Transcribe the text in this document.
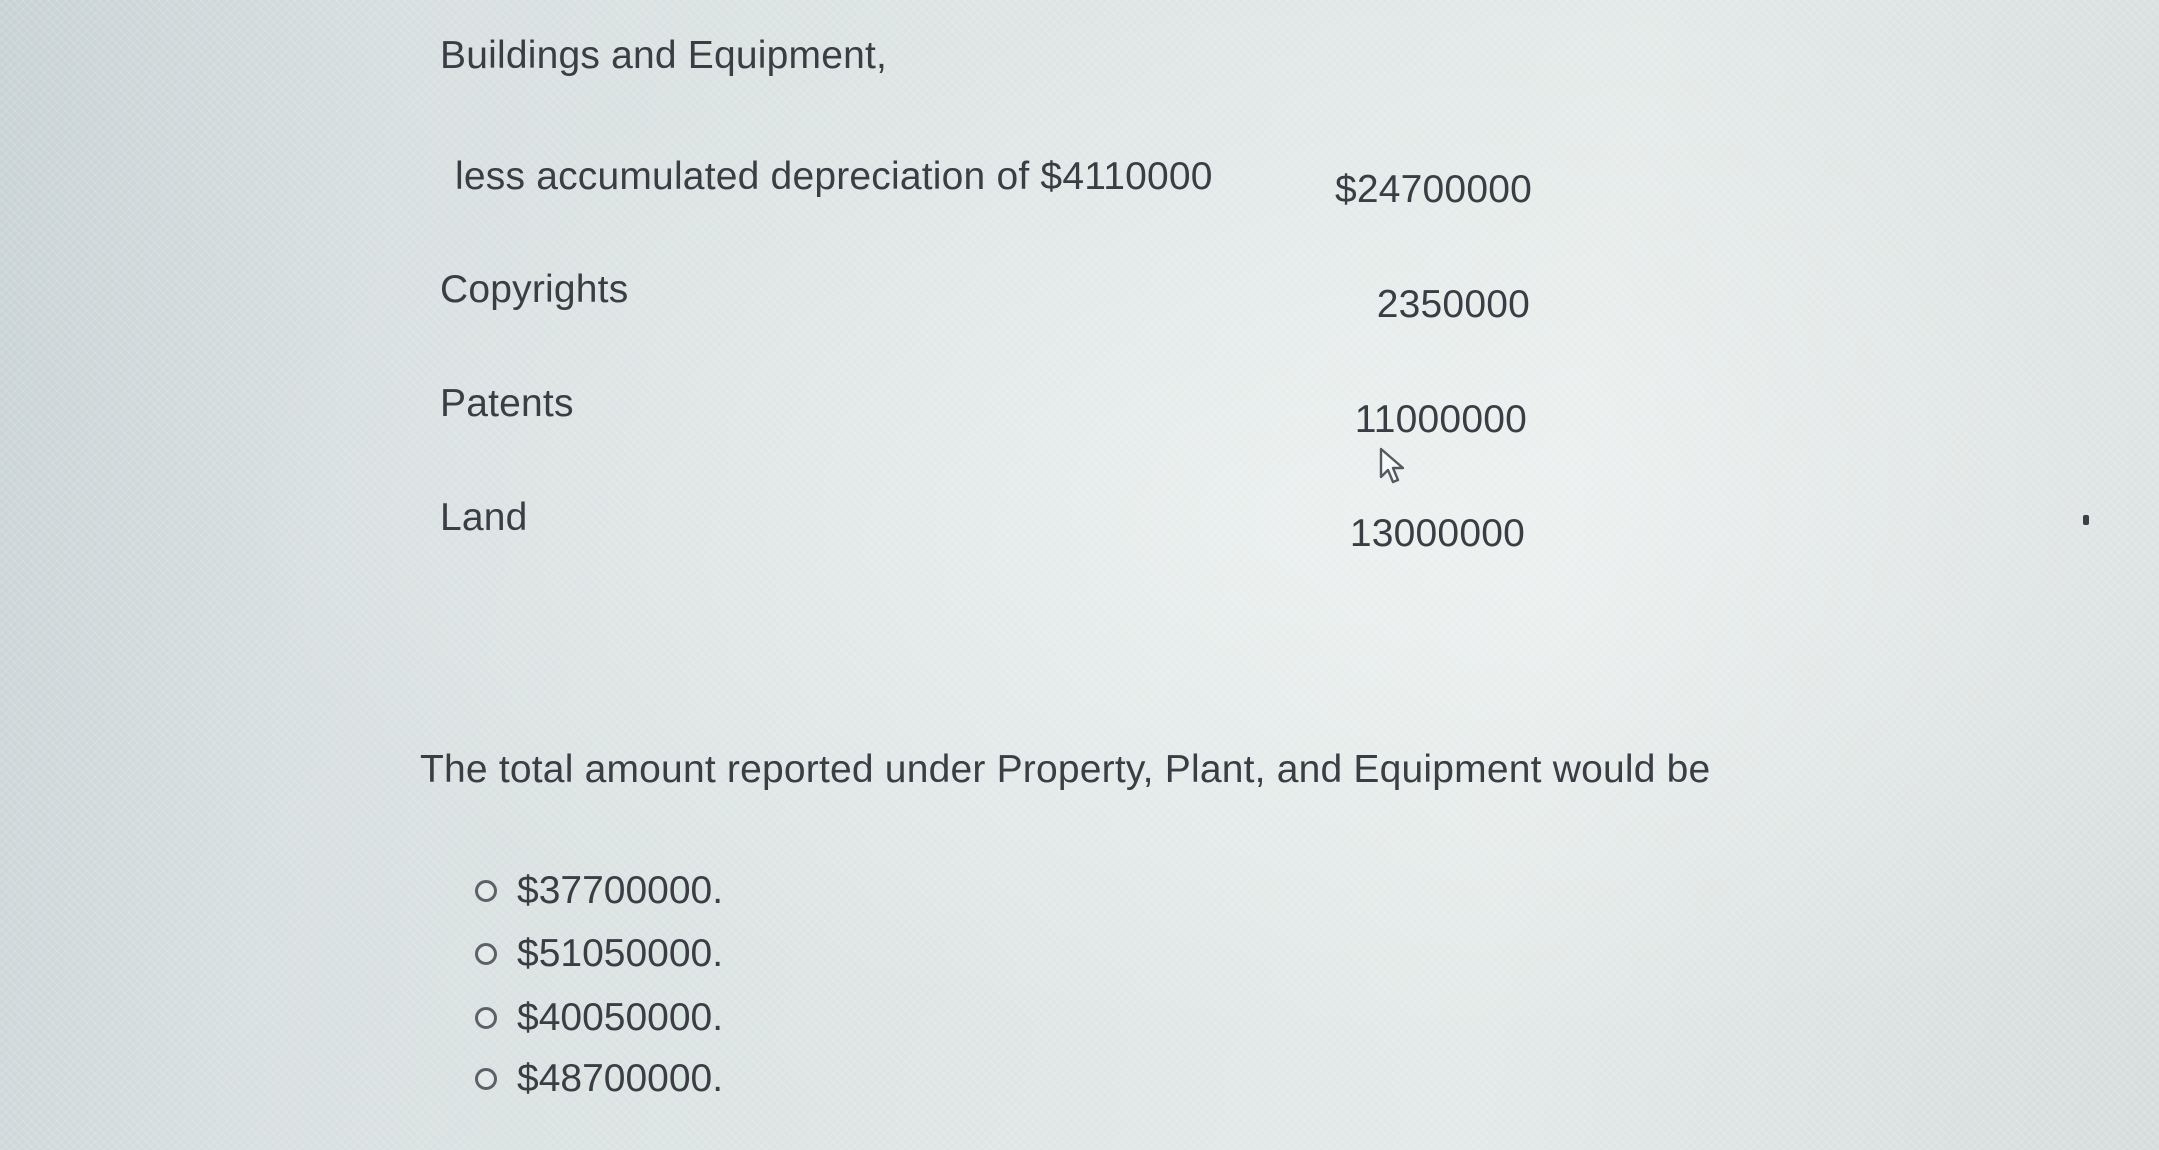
Buildings and Equipment,
less accumulated depreciation of $4110000	$24700000
Copyrights	2350000
Patents	11000000
Land	13000000
The total amount reported under Property, Plant, and Equipment would be
$37700000.
$51050000.
$40050000.
$48700000.
